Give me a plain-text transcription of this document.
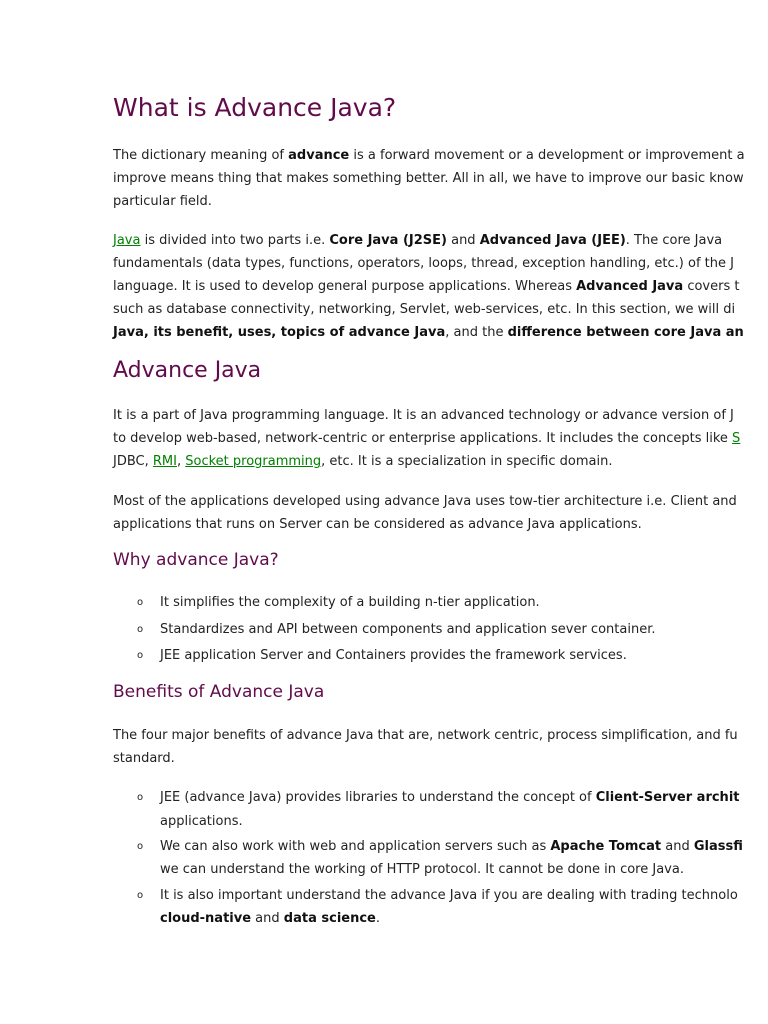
What is Advance Java?
The dictionary meaning of advance is a forward movement or a development or improvement a
improve means thing that makes something better. All in all, we have to improve our basic know
particular field.
Java is divided into two parts i.e. Core Java (J2SE) and Advanced Java (JEE). The core Java
fundamentals (data types, functions, operators, loops, thread, exception handling, etc.) of the J
language. It is used to develop general purpose applications. Whereas Advanced Java covers t
such as database connectivity, networking, Servlet, web-services, etc. In this section, we will di
Java, its benefit, uses, topics of advance Java, and the difference between core Java an
Advance Java
It is a part of Java programming language. It is an advanced technology or advance version of J
to develop web-based, network-centric or enterprise applications. It includes the concepts like S
JDBC, RMI, Socket programming, etc. It is a specialization in specific domain.
Most of the applications developed using advance Java uses tow-tier architecture i.e. Client and
applications that runs on Server can be considered as advance Java applications.
Why advance Java?
o It simplifies the complexity of a building n-tier application.
o Standardizes and API between components and application sever container.
o JEE application Server and Containers provides the framework services.
Benefits of Advance Java
The four major benefits of advance Java that are, network centric, process simplification, and fu
standard.
o JEE (advance Java) provides libraries to understand the concept of Client-Server archit
applications.
o We can also work with web and application servers such as Apache Tomcat and Glassfi
we can understand the working of HTTP protocol. It cannot be done in core Java.
o It is also important understand the advance Java if you are dealing with trading technolo
cloud-native and data science.
